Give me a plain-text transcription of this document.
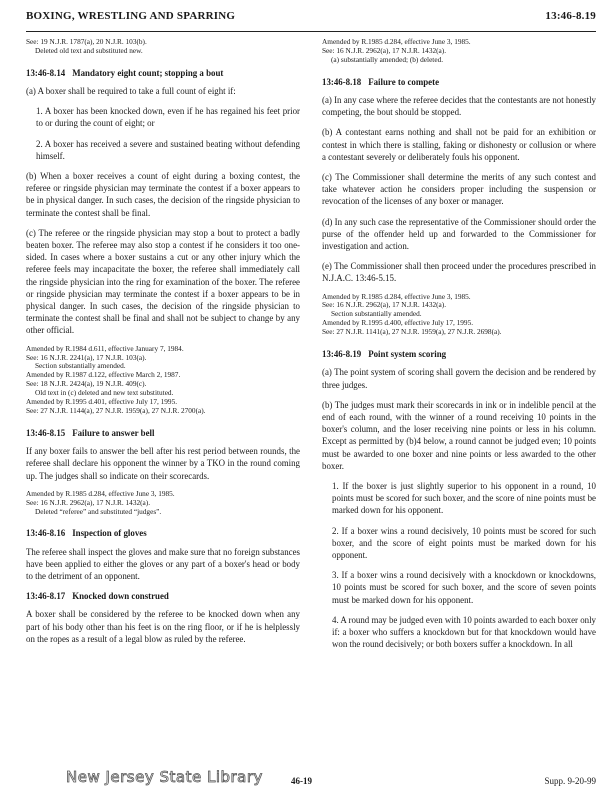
BOXING, WRESTLING AND SPARRING	13:46-8.19
See: 19 N.J.R. 1787(a), 20 N.J.R. 103(b).
Deleted old text and substituted new.
13:46-8.14 Mandatory eight count; stopping a bout

(a) A boxer shall be required to take a full count of eight if:

1. A boxer has been knocked down, even if he has regained his feet prior to or during the count of eight; or

2. A boxer has received a severe and sustained beating without defending himself.

(b) When a boxer receives a count of eight during a boxing contest, the referee or ringside physician may terminate the contest if a boxer appears to be in physical danger. In such cases, the decision of the ringside physician to terminate the contest shall be final.

(c) The referee or the ringside physician may stop a bout to protect a badly beaten boxer. The referee may also stop a contest if he considers it too one-sided. In cases where a boxer sustains a cut or any other injury which the referee feels may incapacitate the boxer, the referee shall immediately call the ringside physician into the ring for examination of the boxer. The referee or ringside physician may terminate the contest if a boxer appears to be in physical danger. In such cases, the decision of the ringside physician to terminate the contest shall be final and shall not be subject to change by any other official.

Amended by R.1984 d.611, effective January 7, 1984.
See: 16 N.J.R. 2241(a), 17 N.J.R. 103(a).
Section substantially amended.
Amended by R.1987 d.122, effective March 2, 1987.
See: 18 N.J.R. 2424(a), 19 N.J.R. 409(c).
Old text in (c) deleted and new text substituted.
Amended by R.1995 d.401, effective July 17, 1995.
See: 27 N.J.R. 1144(a), 27 N.J.R. 1959(a), 27 N.J.R. 2700(a).
13:46-8.15 Failure to answer bell

If any boxer fails to answer the bell after his rest period between rounds, the referee shall declare his opponent the winner by a TKO in the round coming up. The judges shall so indicate on their scorecards.

Amended by R.1985 d.284, effective June 3, 1985.
See: 16 N.J.R. 2962(a), 17 N.J.R. 1432(a).
Deleted “referee” and substituted “judges”.
13:46-8.16 Inspection of gloves

The referee shall inspect the gloves and make sure that no foreign substances have been applied to either the gloves or any part of a boxer's head or body to the detriment of an opponent.

13:46-8.17 Knocked down construed

A boxer shall be considered by the referee to be knocked down when any part of his body other than his feet is on the ring floor, or if he is helplessly on the ropes as a result of a legal blow as ruled by the referee.

Amended by R.1985 d.284, effective June 3, 1985.
See: 16 N.J.R. 2962(a), 17 N.J.R. 1432(a).
(a) substantially amended; (b) deleted.
13:46-8.18 Failure to compete

(a) In any case where the referee decides that the contestants are not honestly competing, the bout should be stopped.

(b) A contestant earns nothing and shall not be paid for an exhibition or contest in which there is stalling, faking or dishonesty or collusion or where a contestant severely or deliberately fouls his opponent.

(c) The Commissioner shall determine the merits of any such contest and take whatever action he considers proper including the suspension or revocation of the licenses of any boxer or manager.

(d) In any such case the representative of the Commissioner should order the purse of the offender held up and forwarded to the Commissioner for investigation and action.

(e) The Commissioner shall then proceed under the procedures prescribed in N.J.A.C. 13:46-5.15.

Amended by R.1985 d.284, effective June 3, 1985.
See: 16 N.J.R. 2962(a), 17 N.J.R. 1432(a).
Section substantially amended.
Amended by R.1995 d.400, effective July 17, 1995.
See: 27 N.J.R. 1141(a), 27 N.J.R. 1959(a), 27 N.J.R. 2698(a).
13:46-8.19 Point system scoring

(a) The point system of scoring shall govern the decision and be rendered by three judges.

(b) The judges must mark their scorecards in ink or in indelible pencil at the end of each round, with the winner of a round receiving 10 points in the boxer's column, and the loser receiving nine points or less in his column. Except as permitted by (b)4 below, a round cannot be judged even; 10 points must be awarded to one boxer and nine points or less awarded to the other boxer.

1. If the boxer is just slightly superior to his opponent in a round, 10 points must be scored for such boxer, and the score of nine points must be marked down for his opponent.

2. If a boxer wins a round decisively, 10 points must be scored for such boxer, and the score of eight points must be marked down for his opponent.

3. If a boxer wins a round decisively with a knockdown or knockdowns, 10 points must be scored for such boxer, and the score of seven points must be marked down for his opponent.

4. A round may be judged even with 10 points awarded to each boxer only if: a boxer who suffers a knockdown but for that knockdown would have won the round decisively; or both boxers suffer a knockdown. In all

New Jersey State Library	46-19	Supp. 9-20-99
